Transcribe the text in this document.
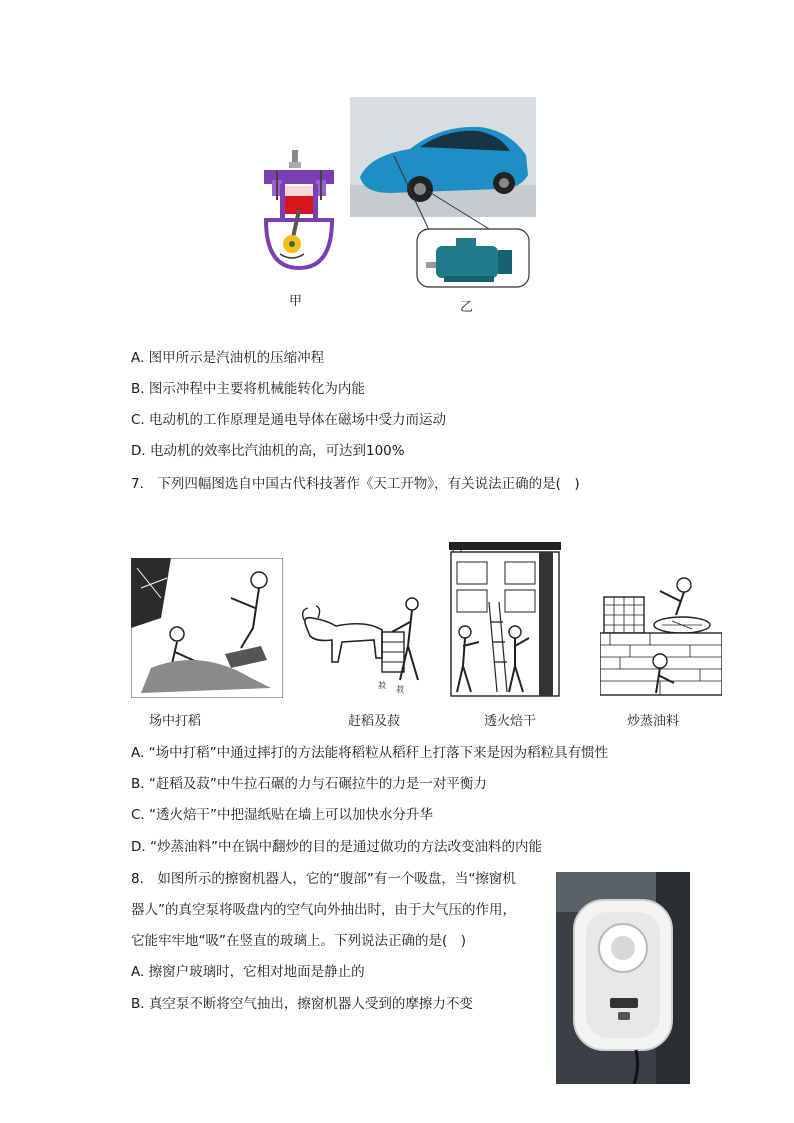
甲	乙
A. 图甲所示是汽油机的压缩冲程
B. 图示冲程中主要将机械能转化为内能
C. 电动机的工作原理是通电导体在磁场中受力而运动
D. 电动机的效率比汽油机的高，可达到100%
7.　下列四幅图选自中国古代科技著作《天工开物》，有关说法正确的是(　)
菽 菽
场中打稻	赶稻及菽	透火焙干	炒蒸油料
A. “场中打稻”中通过摔打的方法能将稻粒从稻秆上打落下来是因为稻粒具有惯性
B. “赶稻及菽”中牛拉石碾的力与石碾拉牛的力是一对平衡力
C. “透火焙干”中把湿纸贴在墙上可以加快水分升华
D. “炒蒸油料”中在锅中翻炒的目的是通过做功的方法改变油料的内能
8.　如图所示的擦窗机器人，它的“腹部”有一个吸盘，当“擦窗机
器人”的真空泵将吸盘内的空气向外抽出时，由于大气压的作用，
它能牢牢地“吸”在竖直的玻璃上。下列说法正确的是(　)
A. 擦窗户玻璃时，它相对地面是静止的
B. 真空泵不断将空气抽出，擦窗机器人受到的摩擦力不变
